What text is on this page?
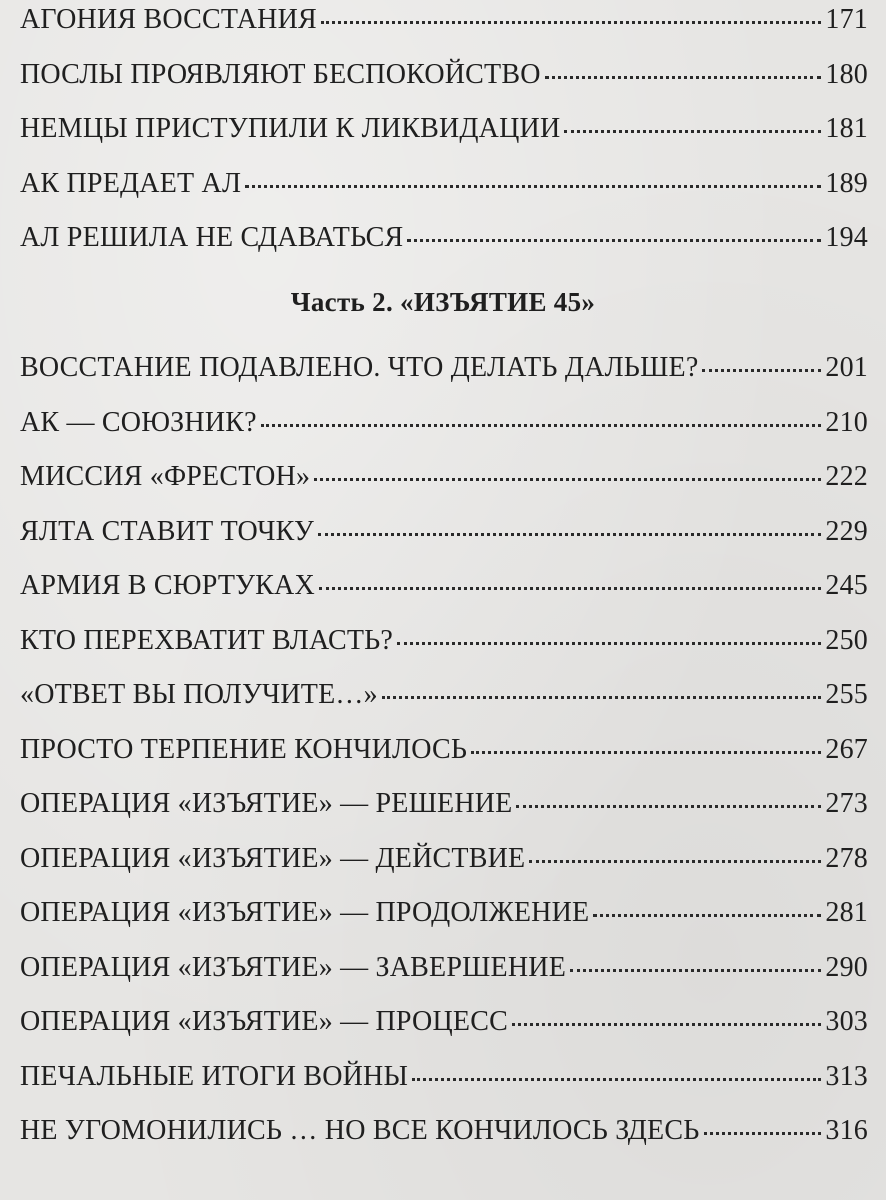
АГОНИЯ ВОССТАНИЯ	171
ПОСЛЫ ПРОЯВЛЯЮТ БЕСПОКОЙСТВО	180
НЕМЦЫ ПРИСТУПИЛИ К ЛИКВИДАЦИИ	181
АК ПРЕДАЕТ АЛ	189
АЛ РЕШИЛА НЕ СДАВАТЬСЯ	194
Часть 2. «ИЗЪЯТИЕ 45»
ВОССТАНИЕ ПОДАВЛЕНО. ЧТО ДЕЛАТЬ ДАЛЬШЕ?	201
АК — СОЮЗНИК?	210
МИССИЯ «ФРЕСТОН»	222
ЯЛТА СТАВИТ ТОЧКУ	229
АРМИЯ В СЮРТУКАХ	245
КТО ПЕРЕХВАТИТ ВЛАСТЬ?	250
«ОТВЕТ ВЫ ПОЛУЧИТЕ…»	255
ПРОСТО ТЕРПЕНИЕ КОНЧИЛОСЬ	267
ОПЕРАЦИЯ «ИЗЪЯТИЕ» — РЕШЕНИЕ	273
ОПЕРАЦИЯ «ИЗЪЯТИЕ» — ДЕЙСТВИЕ	278
ОПЕРАЦИЯ «ИЗЪЯТИЕ» — ПРОДОЛЖЕНИЕ	281
ОПЕРАЦИЯ «ИЗЪЯТИЕ» — ЗАВЕРШЕНИЕ	290
ОПЕРАЦИЯ «ИЗЪЯТИЕ» — ПРОЦЕСС	303
ПЕЧАЛЬНЫЕ ИТОГИ ВОЙНЫ	313
НЕ УГОМОНИЛИСЬ … НО ВСЕ КОНЧИЛОСЬ ЗДЕСЬ	316
